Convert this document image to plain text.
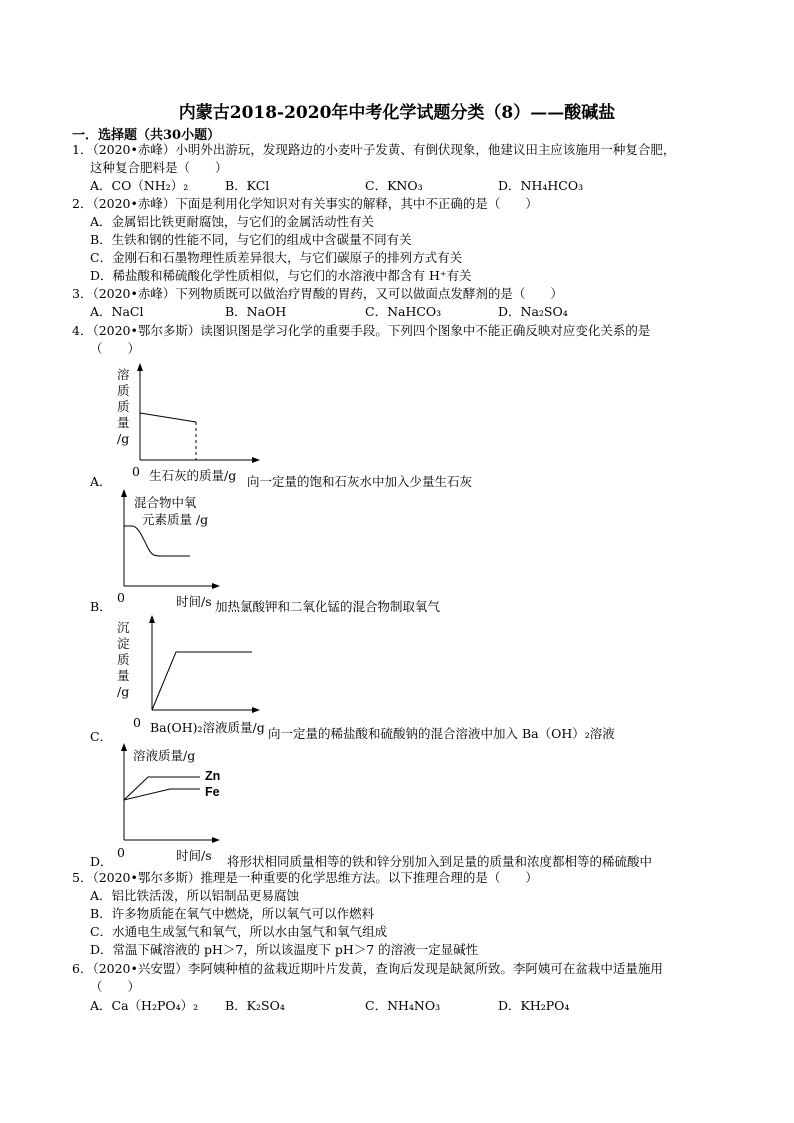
内蒙古2018-2020年中考化学试题分类（8）——酸碱盐
一．选择题（共30小题）
1．（2020•赤峰）小明外出游玩，发现路边的小麦叶子发黄、有倒伏现象，他建议田主应该施用一种复合肥，
这种复合肥料是（　　）
A．CO（NH₂）₂	B．KCl	C．KNO₃	D．NH₄HCO₃
2．（2020•赤峰）下面是利用化学知识对有关事实的解释，其中不正确的是（　　）
A．金属铝比铁更耐腐蚀，与它们的金属活动性有关
B．生铁和钢的性能不同，与它们的组成中含碳量不同有关
C．金刚石和石墨物理性质差异很大，与它们碳原子的排列方式有关
D．稀盐酸和稀硫酸化学性质相似，与它们的水溶液中都含有 H⁺有关
3．（2020•赤峰）下列物质既可以做治疗胃酸的胃药，又可以做面点发酵剂的是（　　）
A．NaCl	B．NaOH	C．NaHCO₃	D．Na₂SO₄
4．（2020•鄂尔多斯）读图识图是学习化学的重要手段。下列四个图象中不能正确反映对应变化关系的是
（　　）
溶
质
质
量
/g
A．
0 生石灰的质量/g 向一定量的饱和石灰水中加入少量生石灰
混合物中氧
元素质量 /g
B．
0	时间/s 加热氯酸钾和二氧化锰的混合物制取氧气
沉
淀
质
量
/g
C．
0 Ba(OH)₂溶液质量/g 向一定量的稀盐酸和硫酸钠的混合溶液中加入 Ba（OH）₂溶液
溶液质量/g
Zn
Fe
D．
0	时间/s 将形状相同质量相等的铁和锌分别加入到足量的质量和浓度都相等的稀硫酸中
5．（2020•鄂尔多斯）推理是一种重要的化学思维方法。以下推理合理的是（　　）
A．铝比铁活泼，所以铝制品更易腐蚀
B．许多物质能在氧气中燃烧，所以氧气可以作燃料
C．水通电生成氢气和氧气，所以水由氢气和氧气组成
D．常温下碱溶液的 pH＞7，所以该温度下 pH＞7 的溶液一定显碱性
6．（2020•兴安盟）李阿姨种植的盆栽近期叶片发黄，查询后发现是缺氮所致。李阿姨可在盆栽中适量施用
（　　）
A．Ca（H₂PO₄）₂ B．K₂SO₄	C．NH₄NO₃	D．KH₂PO₄
